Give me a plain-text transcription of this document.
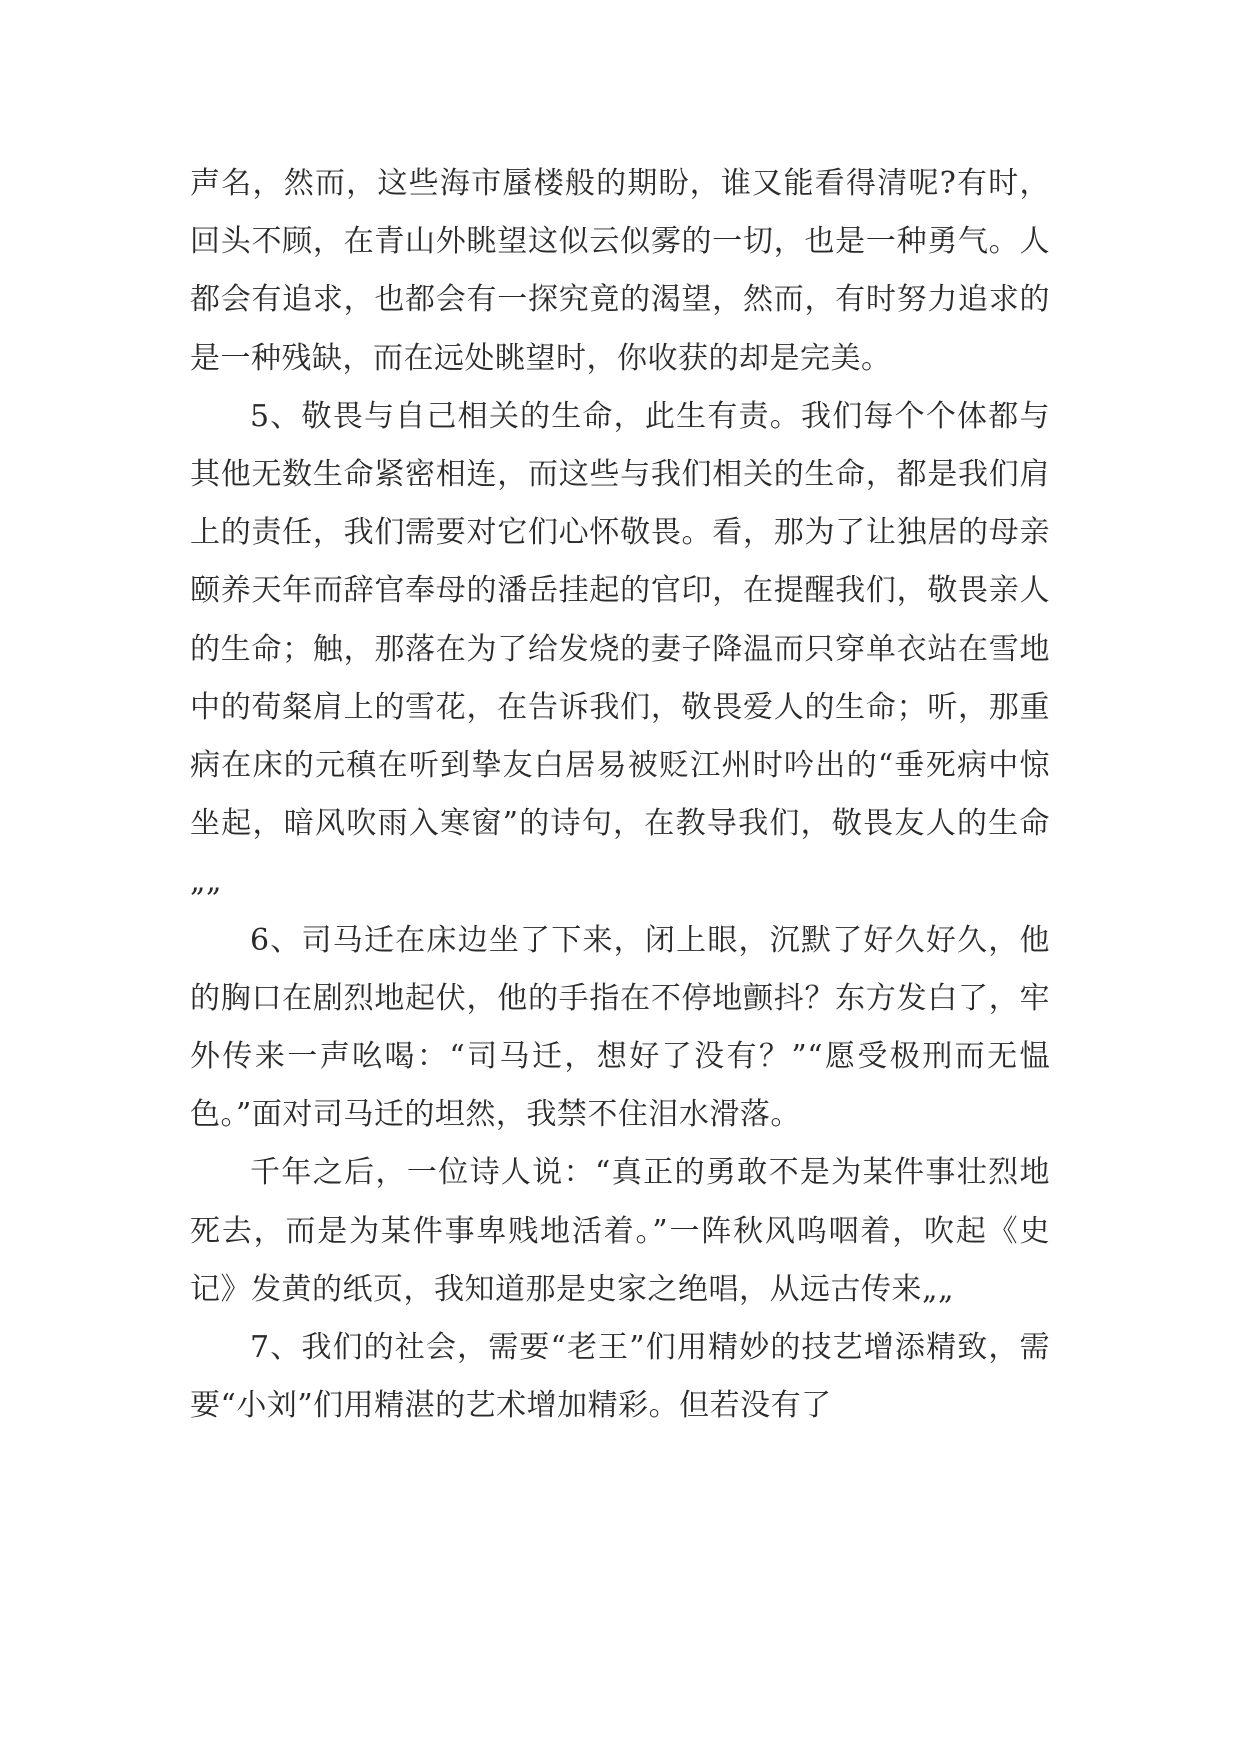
声名，然而，这些海市蜃楼般的期盼，谁又能看得清呢?有时，回头不顾，在青山外眺望这似云似雾的一切，也是一种勇气。人都会有追求，也都会有一探究竟的渴望，然而，有时努力追求的是一种残缺，而在远处眺望时，你收获的却是完美。

5、敬畏与自己相关的生命，此生有责。我们每个个体都与其他无数生命紧密相连，而这些与我们相关的生命，都是我们肩上的责任，我们需要对它们心怀敬畏。看，那为了让独居的母亲颐养天年而辞官奉母的潘岳挂起的官印，在提醒我们，敬畏亲人的生命；触，那落在为了给发烧的妻子降温而只穿单衣站在雪地中的荀粲肩上的雪花，在告诉我们，敬畏爱人的生命；听，那重病在床的元稹在听到挚友白居易被贬江州时吟出的“垂死病中惊坐起，暗风吹雨入寒窗”的诗句，在教导我们，敬畏友人的生命„„

6、司马迁在床边坐了下来，闭上眼，沉默了好久好久，他的胸口在剧烈地起伏，他的手指在不停地颤抖？东方发白了，牢外传来一声吆喝：“司马迁，想好了没有？”“愿受极刑而无愠色。”面对司马迁的坦然，我禁不住泪水滑落。

千年之后，一位诗人说：“真正的勇敢不是为某件事壮烈地死去，而是为某件事卑贱地活着。”一阵秋风呜咽着，吹起《史记》发黄的纸页，我知道那是史家之绝唱，从远古传来„„

7、我们的社会，需要“老王”们用精妙的技艺增添精致，需要“小刘”们用精湛的艺术增加精彩。但若没有了
